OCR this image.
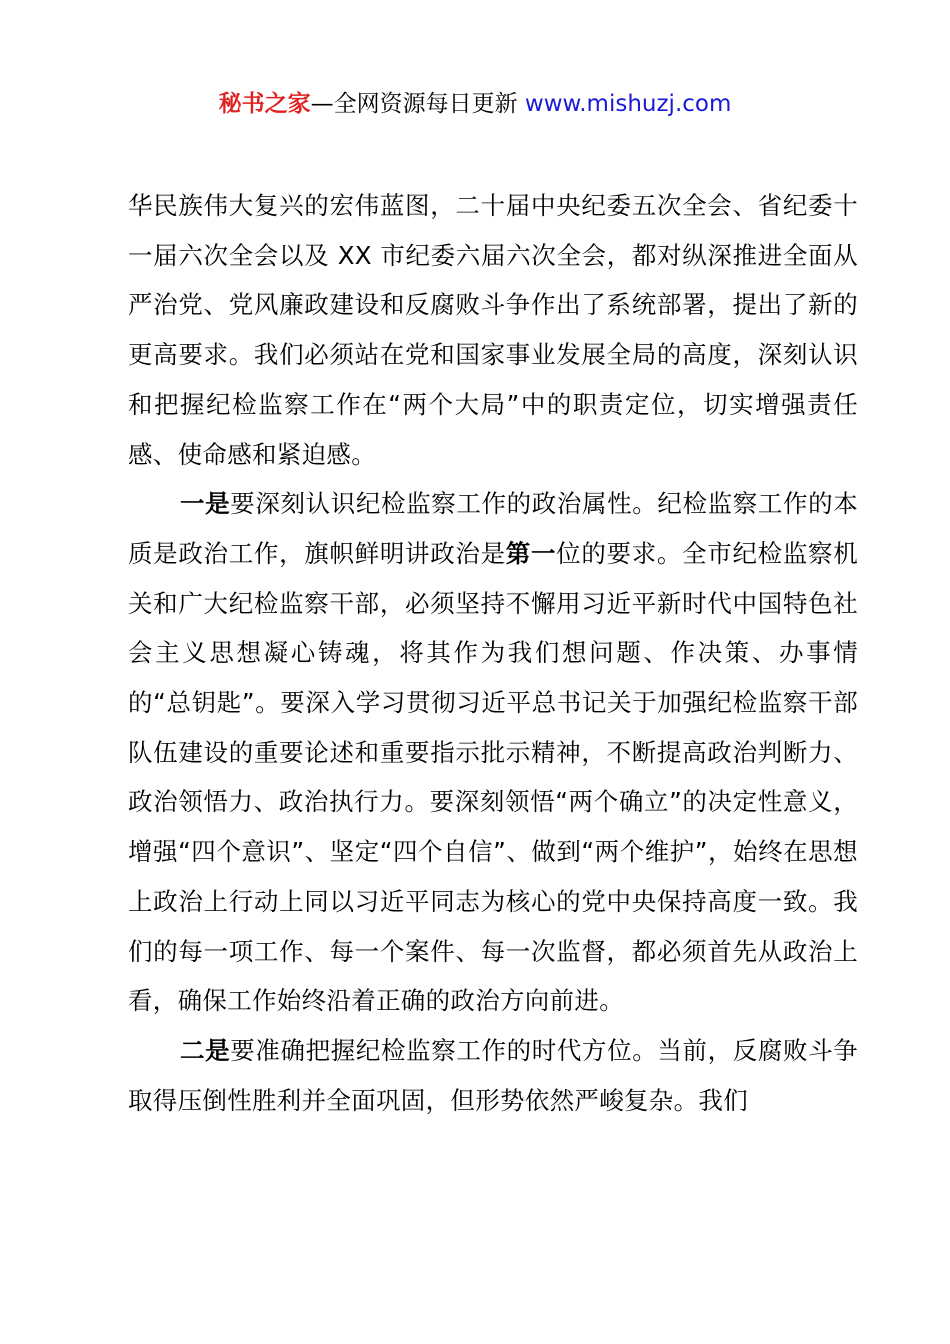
秘书之家—全网资源每日更新 www.mishuzj.com

华民族伟大复兴的宏伟蓝图，二十届中央纪委五次全会、省纪委十一届六次全会以及 XX 市纪委六届六次全会，都对纵深推进全面从严治党、党风廉政建设和反腐败斗争作出了系统部署，提出了新的更高要求。我们必须站在党和国家事业发展全局的高度，深刻认识和把握纪检监察工作在“两个大局”中的职责定位，切实增强责任感、使命感和紧迫感。

一是要深刻认识纪检监察工作的政治属性。纪检监察工作的本质是政治工作，旗帜鲜明讲政治是第一位的要求。全市纪检监察机关和广大纪检监察干部，必须坚持不懈用习近平新时代中国特色社会主义思想凝心铸魂，将其作为我们想问题、作决策、办事情的“总钥匙”。要深入学习贯彻习近平总书记关于加强纪检监察干部队伍建设的重要论述和重要指示批示精神，不断提高政治判断力、政治领悟力、政治执行力。要深刻领悟“两个确立”的决定性意义，增强“四个意识”、坚定“四个自信”、做到“两个维护”，始终在思想上政治上行动上同以习近平同志为核心的党中央保持高度一致。我们的每一项工作、每一个案件、每一次监督，都必须首先从政治上看，确保工作始终沿着正确的政治方向前进。

二是要准确把握纪检监察工作的时代方位。当前，反腐败斗争取得压倒性胜利并全面巩固，但形势依然严峻复杂。我们
